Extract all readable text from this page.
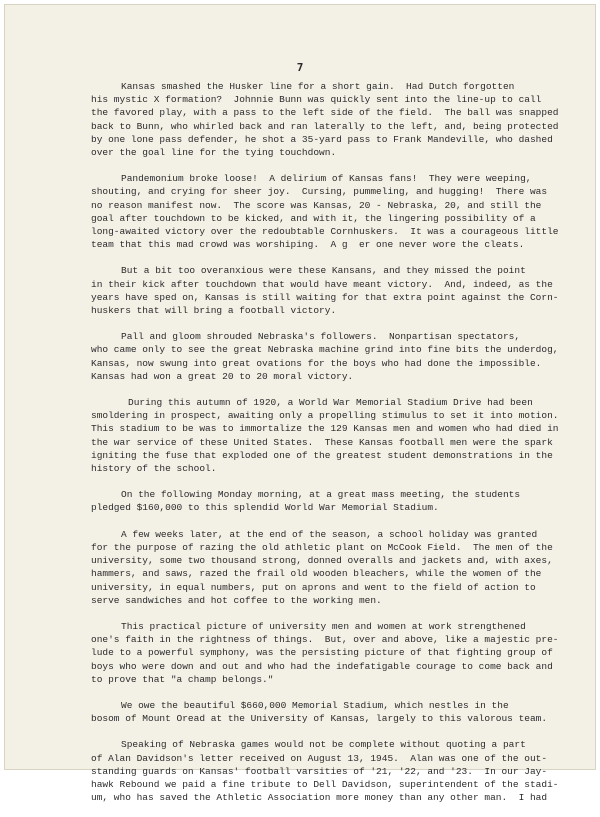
7
Kansas smashed the Husker line for a short gain.  Had Dutch forgotten
his mystic X formation?  Johnnie Bunn was quickly sent into the line-up to call
the favored play, with a pass to the left side of the field.  The ball was snapped
back to Bunn, who whirled back and ran laterally to the left, and, being protected
by one lone pass defender, he shot a 35-yard pass to Frank Mandeville, who dashed
over the goal line for the tying touchdown.
Pandemonium broke loose!  A delirium of Kansas fans!  They were weeping,
shouting, and crying for sheer joy.  Cursing, pummeling, and hugging!  There was
no reason manifest now.  The score was Kansas, 20 - Nebraska, 20, and still the
goal after touchdown to be kicked, and with it, the lingering possibility of a
long-awaited victory over the redoubtable Cornhuskers.  It was a courageous little
team that this mad crowd was worshiping.  A g  er one never wore the cleats.
But a bit too overanxious were these Kansans, and they missed the point
in their kick after touchdown that would have meant victory.  And, indeed, as the
years have sped on, Kansas is still waiting for that extra point against the Corn-
huskers that will bring a football victory.
Pall and gloom shrouded Nebraska's followers.  Nonpartisan spectators,
who came only to see the great Nebraska machine grind into fine bits the underdog,
Kansas, now swung into great ovations for the boys who had done the impossible.
Kansas had won a great 20 to 20 moral victory.
During this autumn of 1920, a World War Memorial Stadium Drive had been
smoldering in prospect, awaiting only a propelling stimulus to set it into motion.
This stadium to be was to immortalize the 129 Kansas men and women who had died in
the war service of these United States.  These Kansas football men were the spark
igniting the fuse that exploded one of the greatest student demonstrations in the
history of the school.
On the following Monday morning, at a great mass meeting, the students
pledged $160,000 to this splendid World War Memorial Stadium.
A few weeks later, at the end of the season, a school holiday was granted
for the purpose of razing the old athletic plant on McCook Field.  The men of the
university, some two thousand strong, donned overalls and jackets and, with axes,
hammers, and saws, razed the frail old wooden bleachers, while the women of the
university, in equal numbers, put on aprons and went to the field of action to
serve sandwiches and hot coffee to the working men.
This practical picture of university men and women at work strengthened
one's faith in the rightness of things.  But, over and above, like a majestic pre-
lude to a powerful symphony, was the persisting picture of that fighting group of
boys who were down and out and who had the indefatigable courage to come back and
to prove that "a champ belongs."
We owe the beautiful $660,000 Memorial Stadium, which nestles in the
bosom of Mount Oread at the University of Kansas, largely to this valorous team.
Speaking of Nebraska games would not be complete without quoting a part
of Alan Davidson's letter received on August 13, 1945.  Alan was one of the out-
standing guards on Kansas' football varsities of '21, '22, and '23.  In our Jay-
hawk Rebound we paid a fine tribute to Dell Davidson, superintendent of the stadi-
um, who has saved the Athletic Association more money than any other man.  I had
